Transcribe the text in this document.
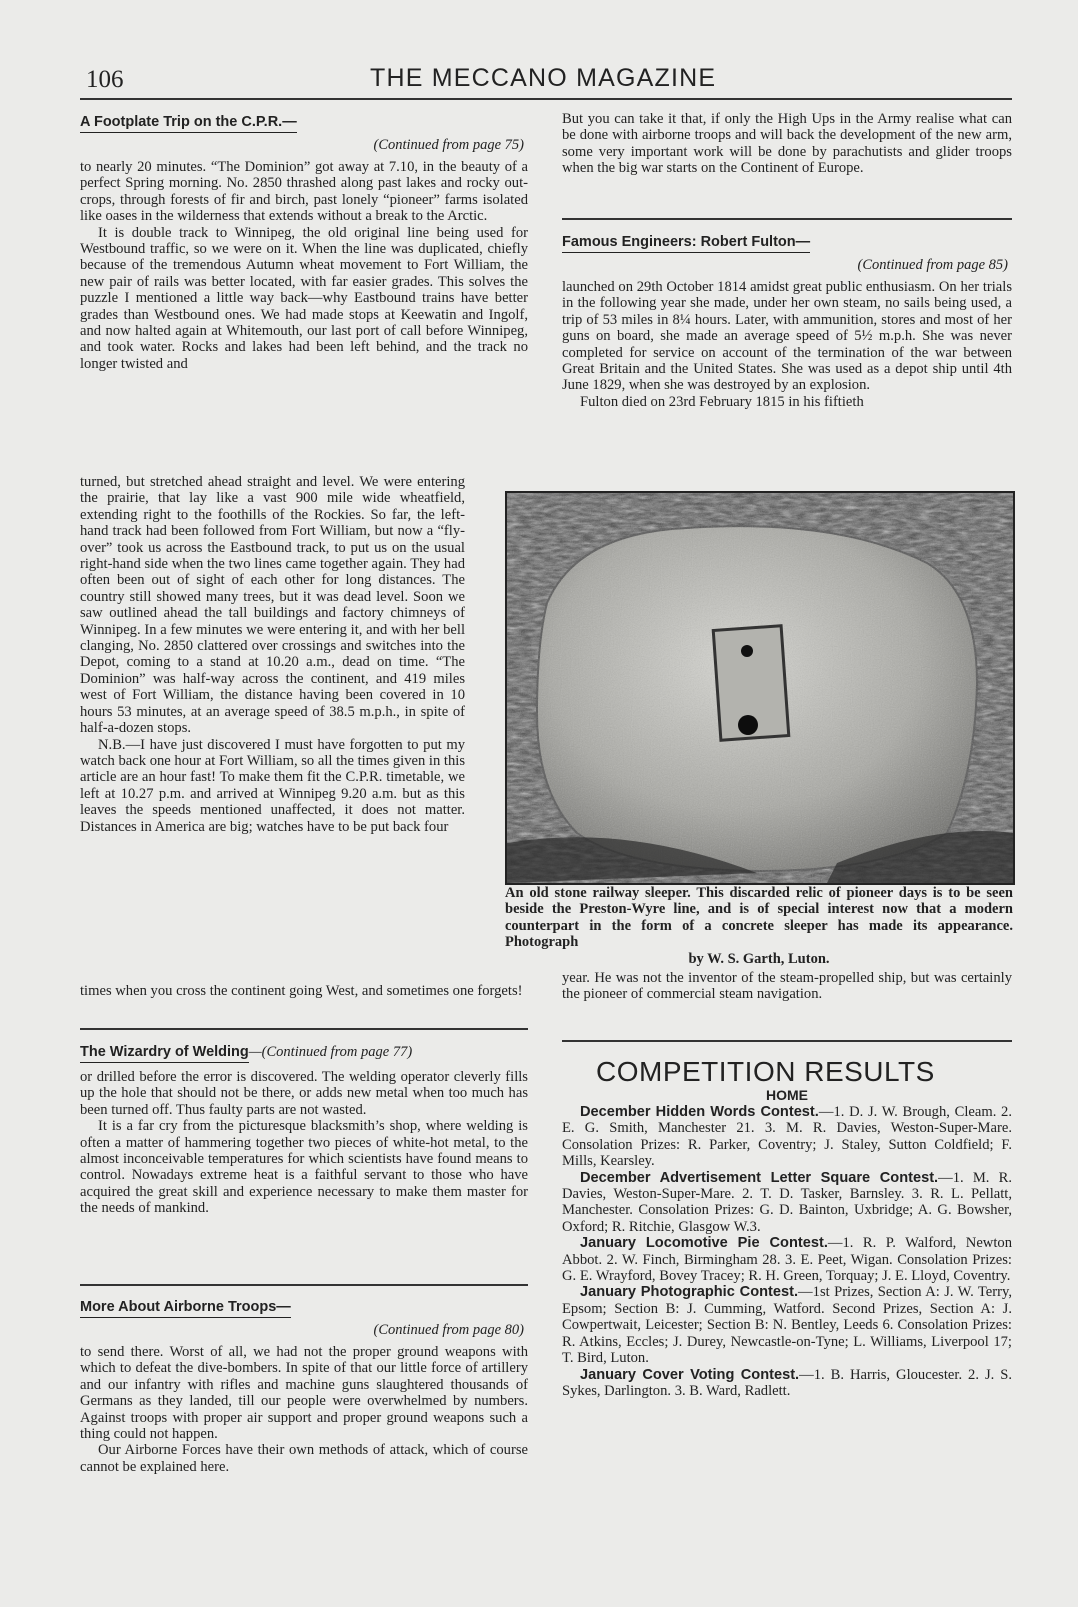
106	THE MECCANO MAGAZINE
A Footplate Trip on the C.P.R.—
(Continued from page 75)

to nearly 20 minutes. “The Dominion” got away at 7.10, in the beauty of a perfect Spring morning. No. 2850 thrashed along past lakes and rocky out-crops, through forests of fir and birch, past lonely “pioneer” farms isolated like oases in the wilderness that extends without a break to the Arctic.

It is double track to Winnipeg, the old original line being used for Westbound traffic, so we were on it. When the line was duplicated, chiefly because of the tremendous Autumn wheat movement to Fort William, the new pair of rails was better located, with far easier grades. This solves the puzzle I mentioned a little way back—why Eastbound trains have better grades than Westbound ones. We had made stops at Keewatin and Ingolf, and now halted again at Whitemouth, our last port of call before Winnipeg, and took water. Rocks and lakes had been left behind, and the track no longer twisted and

turned, but stretched ahead straight and level. We were entering the prairie, that lay like a vast 900 mile wide wheatfield, extending right to the foothills of the Rockies. So far, the left-hand track had been followed from Fort William, but now a “fly-over” took us across the Eastbound track, to put us on the usual right-hand side when the two lines came together again. They had often been out of sight of each other for long distances. The country still showed many trees, but it was dead level. Soon we saw outlined ahead the tall buildings and factory chimneys of Winnipeg. In a few minutes we were entering it, and with her bell clanging, No. 2850 clattered over crossings and switches into the Depot, coming to a stand at 10.20 a.m., dead on time. “The Dominion” was half-way across the continent, and 419 miles west of Fort William, the distance having been covered in 10 hours 53 minutes, at an average speed of 38.5 m.p.h., in spite of half-a-dozen stops.

N.B.—I have just discovered I must have forgotten to put my watch back one hour at Fort William, so all the times given in this article are an hour fast! To make them fit the C.P.R. timetable, we left at 10.27 p.m. and arrived at Winnipeg 9.20 a.m. but as this leaves the speeds mentioned unaffected, it does not matter. Distances in America are big; watches have to be put back four

times when you cross the continent going West, and sometimes one forgets!

The Wizardry of Welding—(Continued from page 77)

or drilled before the error is discovered. The welding operator cleverly fills up the hole that should not be there, or adds new metal when too much has been turned off. Thus faulty parts are not wasted.

It is a far cry from the picturesque blacksmith’s shop, where welding is often a matter of hammering together two pieces of white-hot metal, to the almost inconceivable temperatures for which scientists have found means to control. Nowadays extreme heat is a faithful servant to those who have acquired the great skill and experience necessary to make them master for the needs of mankind.

More About Airborne Troops—
(Continued from page 80)

to send there. Worst of all, we had not the proper ground weapons with which to defeat the dive-bombers. In spite of that our little force of artillery and our infantry with rifles and machine guns slaughtered thousands of Germans as they landed, till our people were overwhelmed by numbers. Against troops with proper air support and proper ground weapons such a thing could not happen.

Our Airborne Forces have their own methods of attack, which of course cannot be explained here.

But you can take it that, if only the High Ups in the Army realise what can be done with airborne troops and will back the development of the new arm, some very important work will be done by parachutists and glider troops when the big war starts on the Continent of Europe.

Famous Engineers: Robert Fulton—
(Continued from page 85)

launched on 29th October 1814 amidst great public enthusiasm. On her trials in the following year she made, under her own steam, no sails being used, a trip of 53 miles in 8¼ hours. Later, with ammunition, stores and most of her guns on board, she made an average speed of 5½ m.p.h. She was never completed for service on account of the termination of the war between Great Britain and the United States. She was used as a depot ship until 4th June 1829, when she was destroyed by an explosion.

Fulton died on 23rd February 1815 in his fiftieth

An old stone railway sleeper. This discarded relic of pioneer days is to be seen beside the Preston-Wyre line, and is of special interest now that a modern counterpart in the form of a concrete sleeper has made its appearance. Photograph
by W. S. Garth, Luton.

year. He was not the inventor of the steam-propelled ship, but was certainly the pioneer of commercial steam navigation.

COMPETITION RESULTS
HOME

December Hidden Words Contest.—1. D. J. W. Brough, Cleam. 2. E. G. Smith, Manchester 21. 3. M. R. Davies, Weston-Super-Mare. Consolation Prizes: R. Parker, Coventry; J. Staley, Sutton Coldfield; F. Mills, Kearsley.

December Advertisement Letter Square Contest.—1. M. R. Davies, Weston-Super-Mare. 2. T. D. Tasker, Barnsley. 3. R. L. Pellatt, Manchester. Consolation Prizes: G. D. Bainton, Uxbridge; A. G. Bowsher, Oxford; R. Ritchie, Glasgow W.3.

January Locomotive Pie Contest.—1. R. P. Walford, Newton Abbot. 2. W. Finch, Birmingham 28. 3. E. Peet, Wigan. Consolation Prizes: G. E. Wrayford, Bovey Tracey; R. H. Green, Torquay; J. E. Lloyd, Coventry.

January Photographic Contest.—1st Prizes, Section A: J. W. Terry, Epsom; Section B: J. Cumming, Watford. Second Prizes, Section A: J. Cowpertwait, Leicester; Section B: N. Bentley, Leeds 6. Consolation Prizes: R. Atkins, Eccles; J. Durey, Newcastle-on-Tyne; L. Williams, Liverpool 17; T. Bird, Luton.

January Cover Voting Contest.—1. B. Harris, Gloucester. 2. J. S. Sykes, Darlington. 3. B. Ward, Radlett.
